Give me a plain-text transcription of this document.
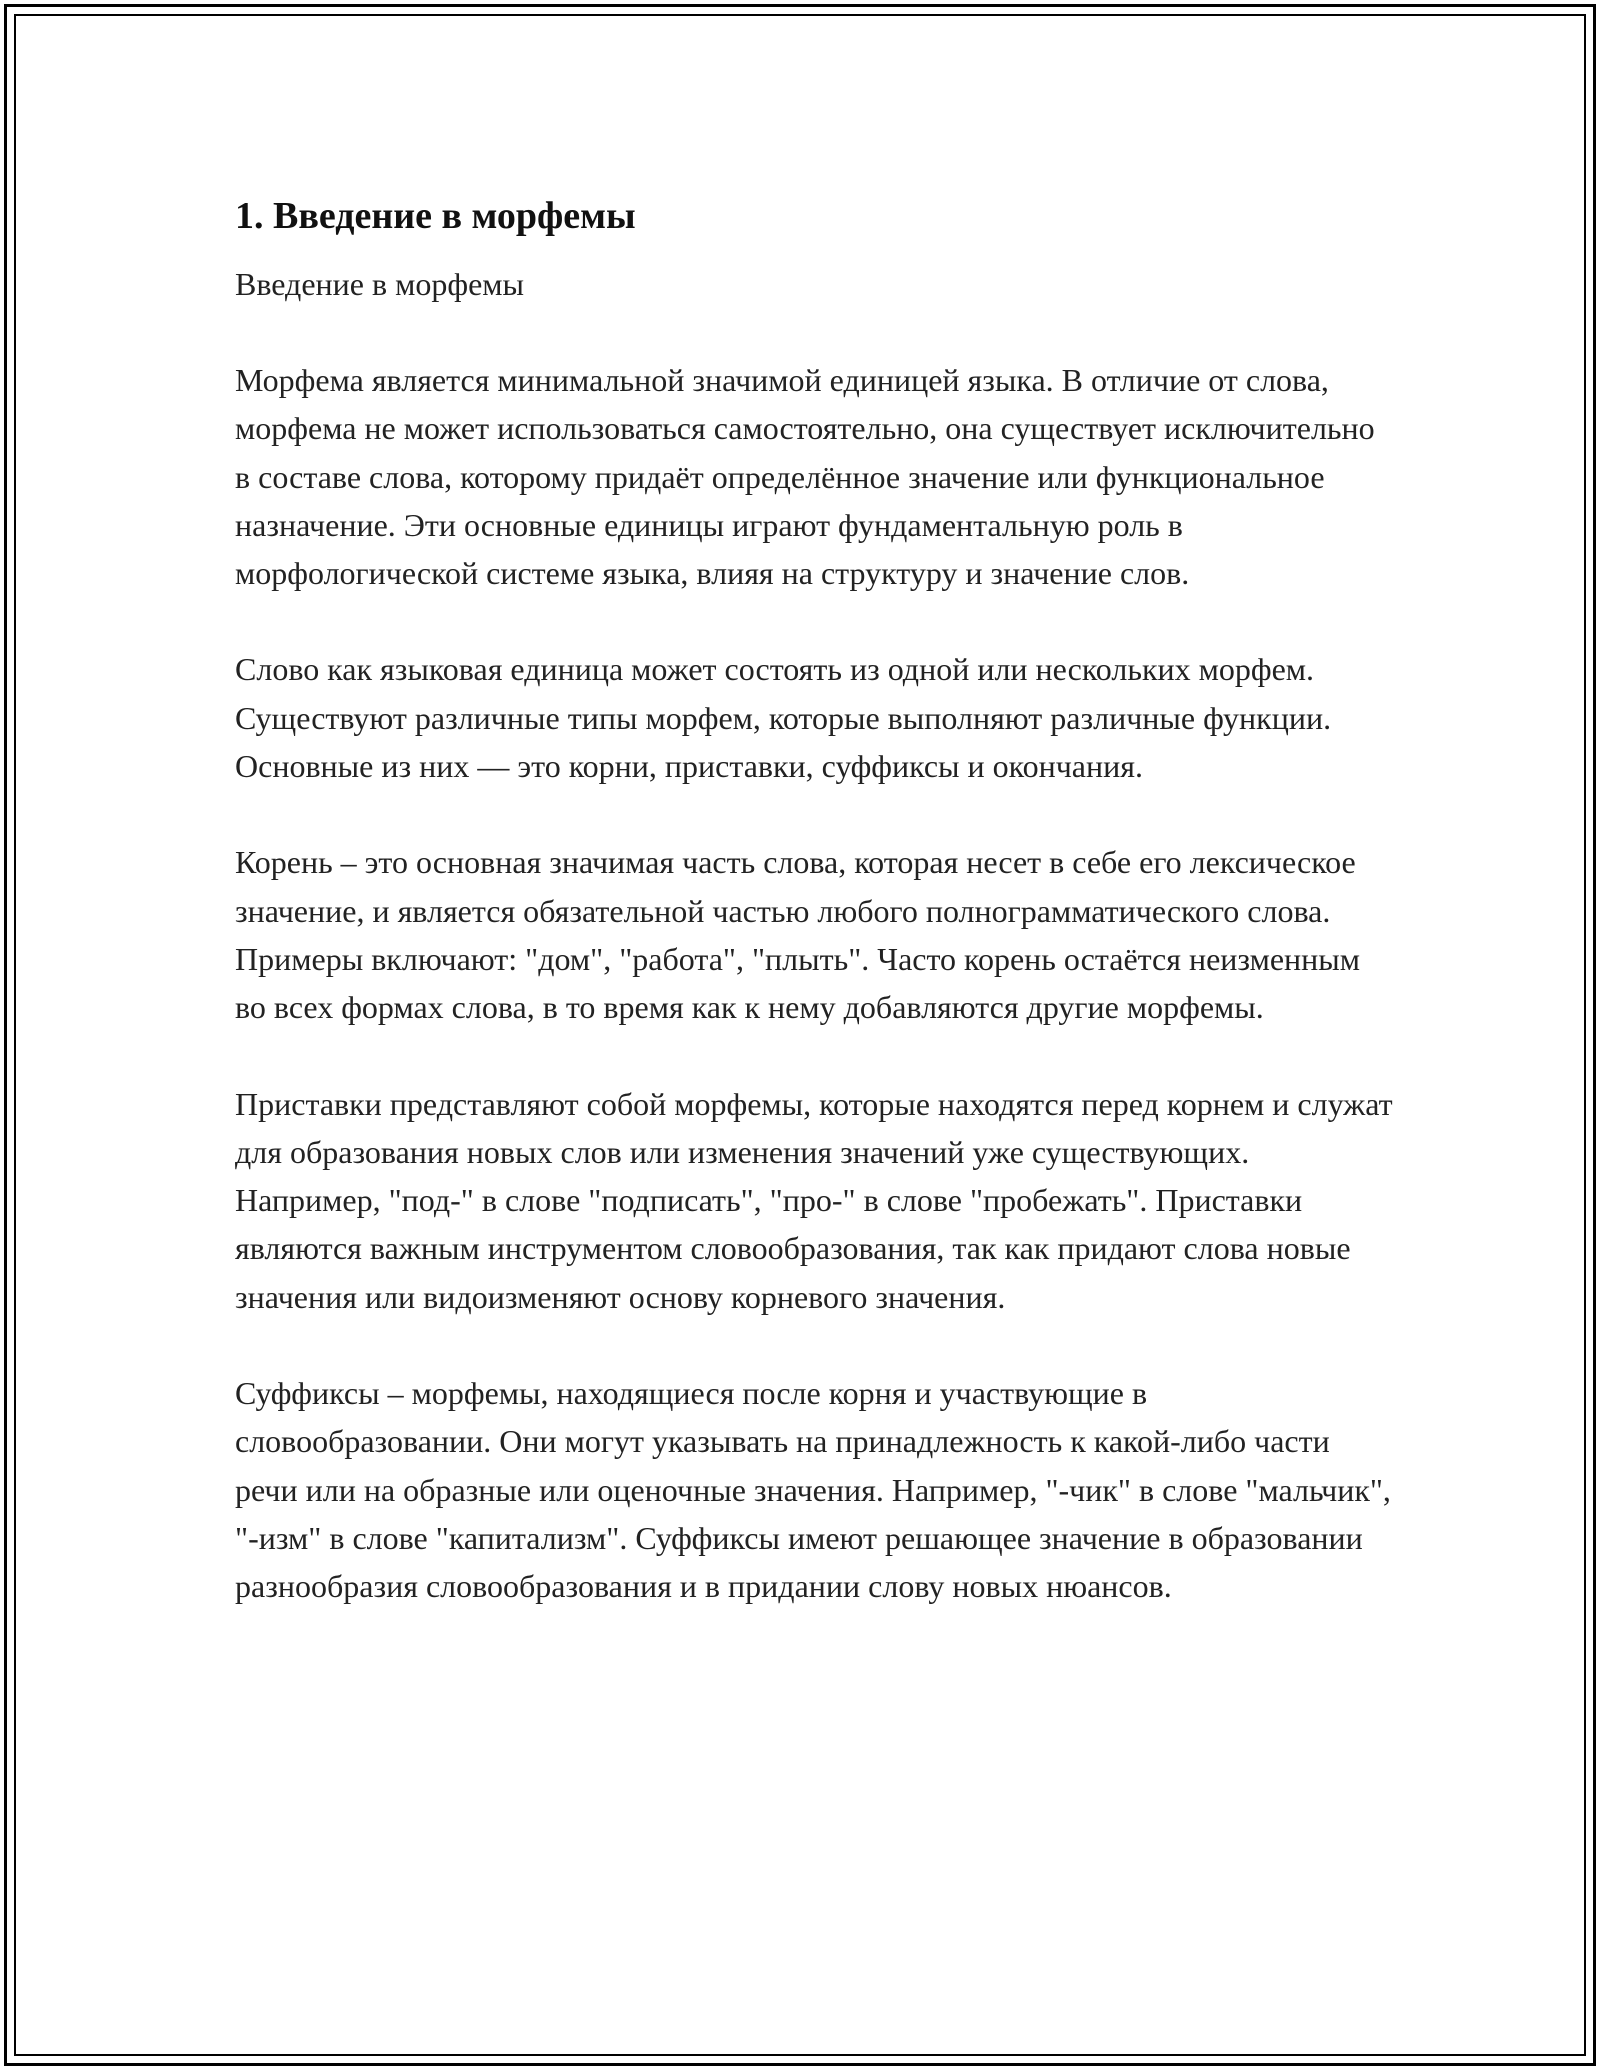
1. Введение в морфемы

Введение в морфемы

Морфема является минимальной значимой единицей языка. В отличие от слова, морфема не может использоваться самостоятельно, она существует исключительно в составе слова, которому придаёт определённое значение или функциональное назначение. Эти основные единицы играют фундаментальную роль в морфологической системе языка, влияя на структуру и значение слов.

Слово как языковая единица может состоять из одной или нескольких морфем. Существуют различные типы морфем, которые выполняют различные функции. Основные из них — это корни, приставки, суффиксы и окончания.

Корень – это основная значимая часть слова, которая несет в себе его лексическое значение, и является обязательной частью любого полнограмматического слова. Примеры включают: "дом", "работа", "плыть". Часто корень остаётся неизменным во всех формах слова, в то время как к нему добавляются другие морфемы.

Приставки представляют собой морфемы, которые находятся перед корнем и служат для образования новых слов или изменения значений уже существующих. Например, "под-" в слове "подписать", "про-" в слове "пробежать". Приставки являются важным инструментом словообразования, так как придают слова новые значения или видоизменяют основу корневого значения.

Суффиксы – морфемы, находящиеся после корня и участвующие в словообразовании. Они могут указывать на принадлежность к какой-либо части речи или на образные или оценочные значения. Например, "-чик" в слове "мальчик", "-изм" в слове "капитализм". Суффиксы имеют решающее значение в образовании разнообразия словообразования и в придании слову новых нюансов.
